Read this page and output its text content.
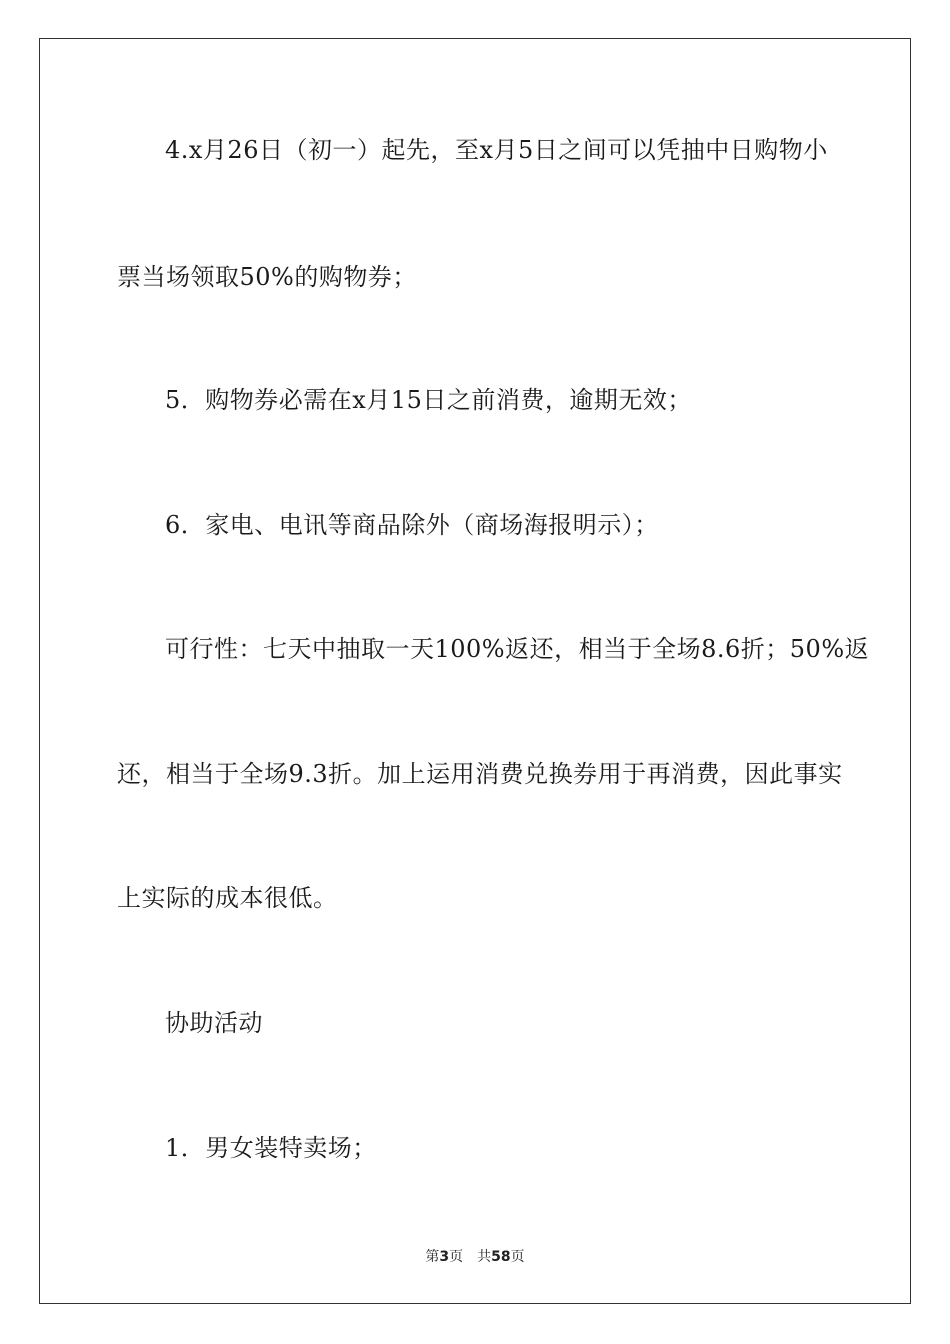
4.x月26日（初一）起先，至x月5日之间可以凭抽中日购物小
票当场领取50%的购物券；
5．购物券必需在x月15日之前消费，逾期无效；
6．家电、电讯等商品除外（商场海报明示）；
可行性：七天中抽取一天100%返还，相当于全场8.6折；50%返
还，相当于全场9.3折。加上运用消费兑换券用于再消费，因此事实
上实际的成本很低。
协助活动
1．男女装特卖场；
第3页 共58页
